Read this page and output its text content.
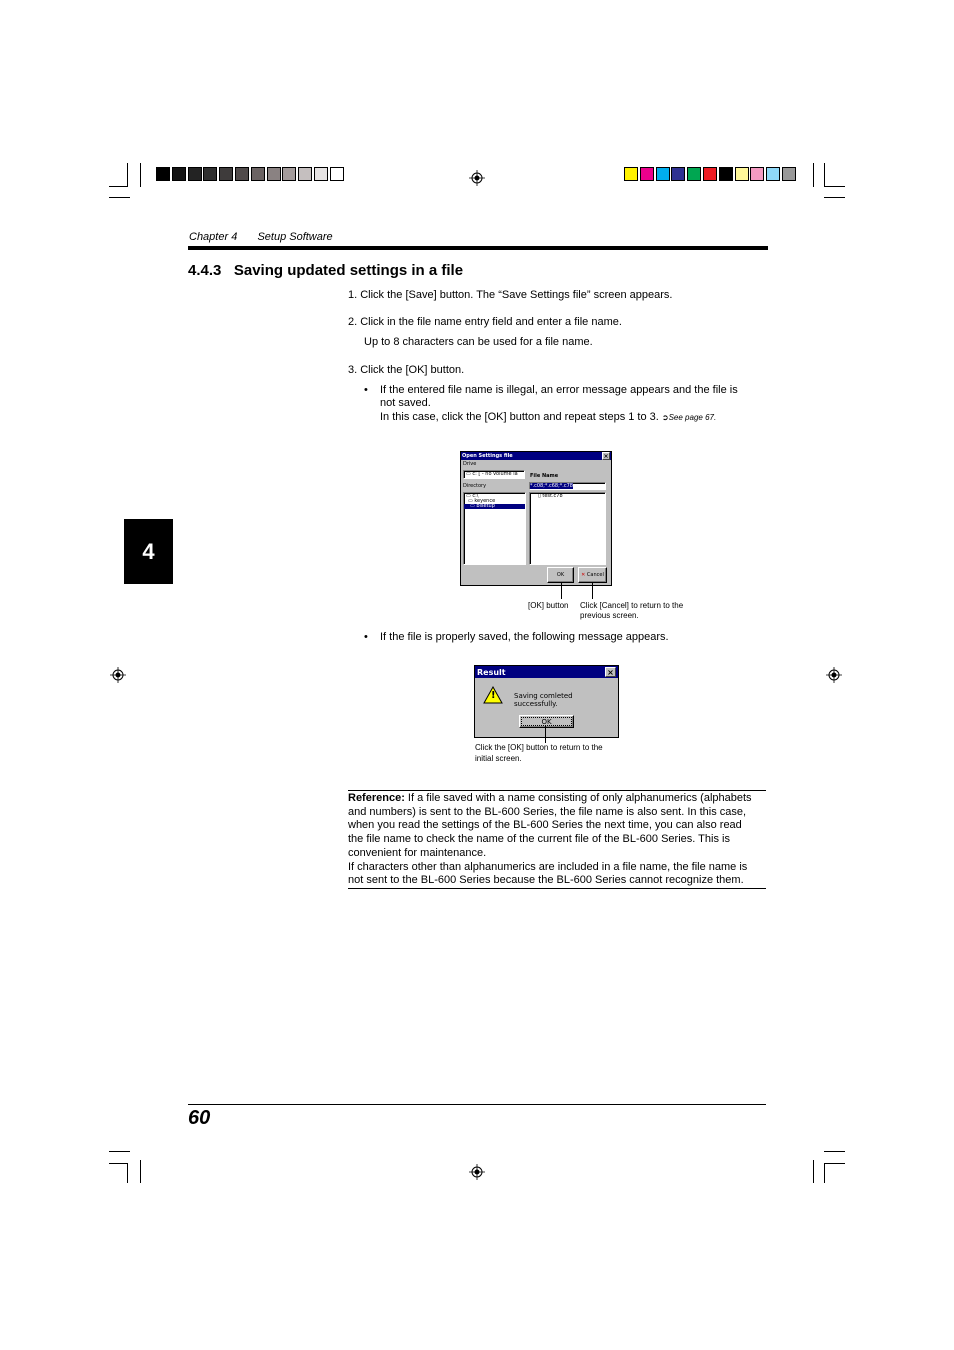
Chapter 4 Setup Software
4.4.3   Saving updated settings in a file
1. Click the [Save] button. The “Save Settings file” screen appears.
2. Click in the file name entry field and enter a file name.
Up to 8 characters can be used for a file name.
3. Click the [OK] button.
• If the entered file name is illegal, an error message appears and the file is
not saved.
In this case, click the [OK] button and repeat steps 1 to 3. ➲See page 67.
4
Open Settings file	×
Drive
▭ c: [ - no volume la
Directory
▭ c:\
▭ keyence
▭ blsetup
File Name
*.c08;*.c68;*.c78
▯ test.c78
OK	✕
Cancel
[OK] button Click [Cancel] to return to the
previous screen.
• If the file is properly saved, the following message appears.
Result	×
!	Saving comleted successfully.
OK
Click the [OK] button to return to the
initial screen.
Reference: If a file saved with a name consisting of only alphanumerics (alphabets
and numbers) is sent to the BL-600 Series, the file name is also sent. In this case,
when you read the settings of the BL-600 Series the next time, you can also read
the file name to check the name of the current file of the BL-600 Series. This is
convenient for maintenance.
If characters other than alphanumerics are included in a file name, the file name is
not sent to the BL-600 Series because the BL-600 Series cannot recognize them.
60
